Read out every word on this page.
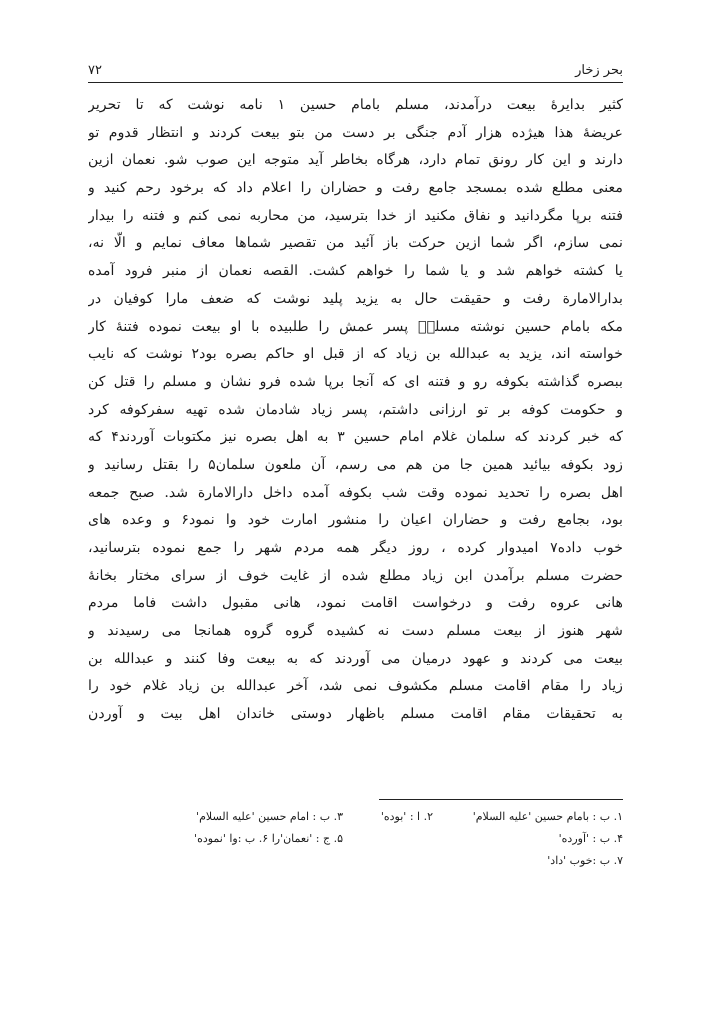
بحر زخار
۷۲
کثیر بدایرهٔ بیعت درآمدند، مسلم بامام حسین ۱ نامه نوشت که تا تحریر
عریضهٔ هذا هیژده هزار آدم جنگی بر دست من بتو بیعت کردند و انتظار قدوم تو
دارند و این کار رونق تمام دارد، هرگاه بخاطر آید متوجه این صوب شو. نعمان ازین
معنی مطلع شده بمسجد جامع رفت و حضاران را اعلام داد که برخود رحم کنید و
فتنه برپا مگردانید و نفاق مکنید از خدا بترسید، من محاربه نمی کنم و فتنه را بیدار
نمی سازم، اگر شما ازین حرکت باز آئید من تقصیر شماها معاف نمایم و الّا نه،
یا کشته خواهم شد و یا شما را خواهم کشت. القصه نعمان از منبر فرود آمده
بدارالامارة رفت و حقیقت حال به یزید پلید نوشت که ضعف مارا کوفیان در
مکه بامام حسین نوشته مسلمؑ پسر عمش را طلبیده با او بیعت نموده فتنهٔ کار
خواسته اند، یزید به عبدالله بن زیاد که از قبل او حاکم بصره بود۲ نوشت که نایب
ببصره گذاشته بکوفه رو و فتنه ای که آنجا برپا شده فرو نشان و مسلم را قتل کن
و حکومت کوفه بر تو ارزانی داشتم، پسر زیاد شادمان شده تهیه سفرکوفه کرد
که خبر کردند که سلمان غلام امام حسین ۳ به اهل بصره نیز مکتوبات آوردند۴ که
زود بکوفه بیائید همین جا من هم می رسم، آن ملعون سلمان۵ را بقتل رسانید و
اهل بصره را تحدید نموده وقت شب بکوفه آمده داخل دارالامارة شد. صبح جمعه
بود، بجامع رفت و حضاران اعیان را منشور امارت خود وا نمود۶ و وعده های
خوب داده۷ امیدوار کرده ، روز دیگر همه مردم شهر را جمع نموده بترسانید،
حضرت مسلم برآمدن ابن زیاد مطلع شده از غایت خوف از سرای مختار بخانهٔ
هانی عروه رفت و درخواست اقامت نمود، هانی مقبول داشت فاما مردم
شهر هنوز از بیعت مسلم دست نه کشیده گروه گروه همانجا می رسیدند و
بیعت می کردند و عهود درمیان می آوردند که به بیعت وفا کنند و عبدالله بن
زیاد را مقام اقامت مسلم مکشوف نمی شد، آخر عبدالله بن زیاد غلام خود را
به تحقیقات مقام اقامت مسلم باظهار دوستی خاندان اهل بیت و آوردن
۱. ب : بامام حسین 'علیه السلام'
۲. ا : 'بوده'
۳. ب : امام حسین 'علیه السلام'
۴. ب : 'آورده'
۵. ج : 'نعمان'را ۶. ب :وا 'نموده'
۷. ب :خوب 'داد'
